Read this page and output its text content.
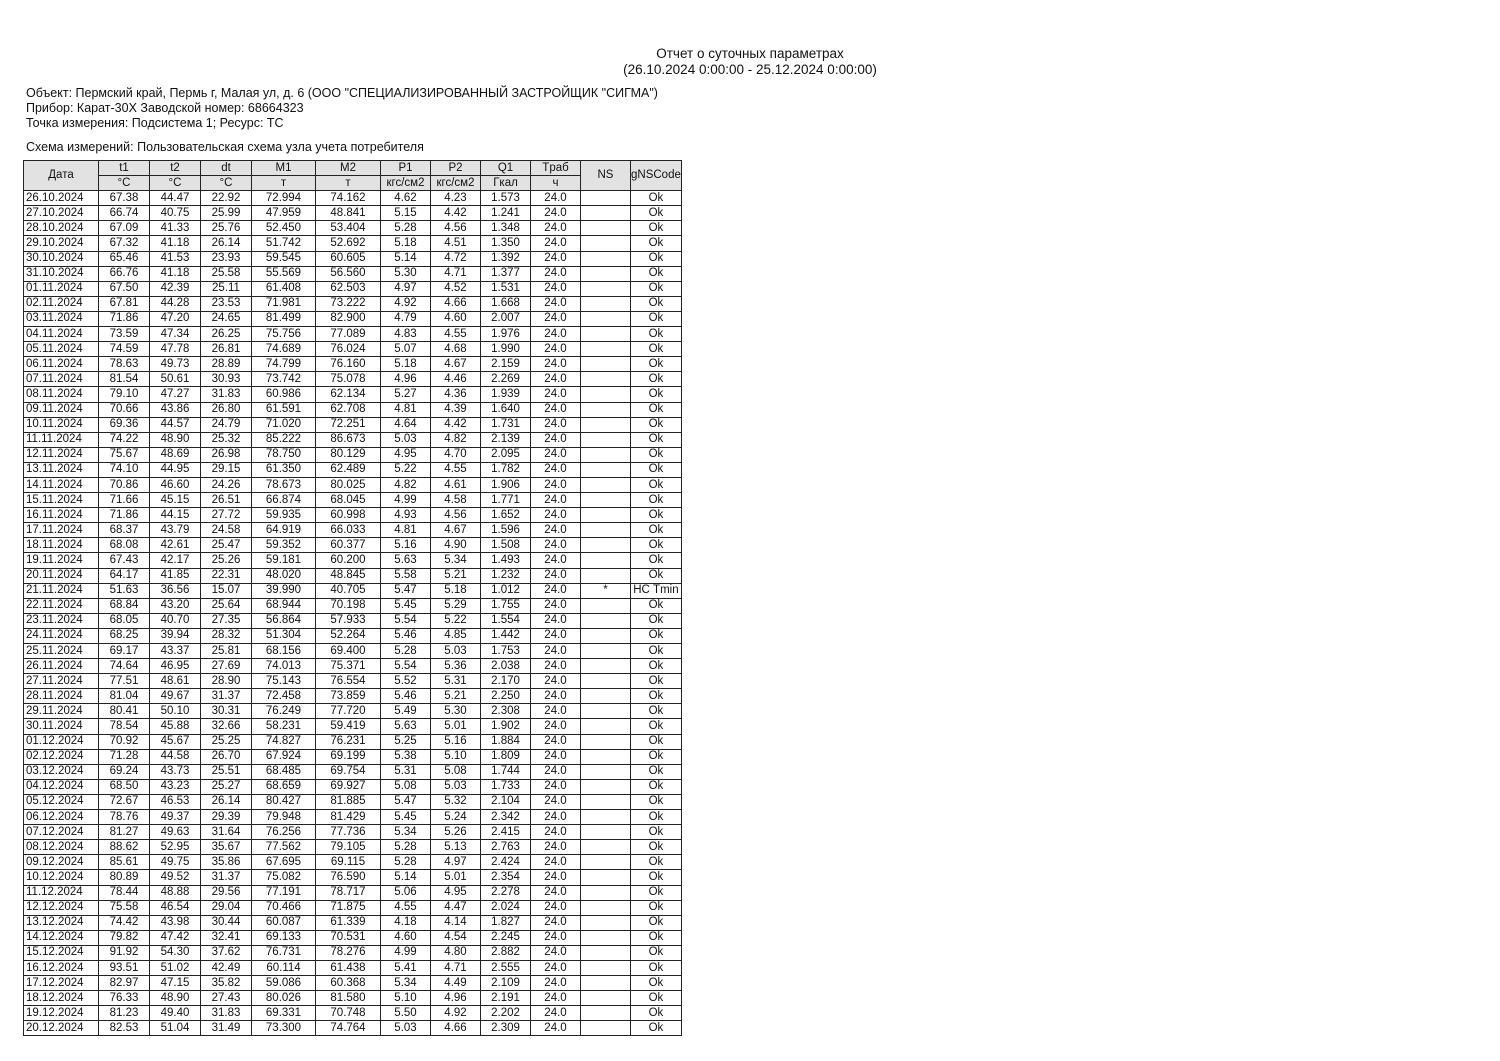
Отчет о суточных параметрах
(26.10.2024 0:00:00 - 25.12.2024 0:00:00)
Объект: Пермский край, Пермь г, Малая ул, д. 6 (ООО "СПЕЦИАЛИЗИРОВАННЫЙ ЗАСТРОЙЩИК "СИГМА")
Прибор: Карат-30Х Заводской номер: 68664323
Точка измерения: Подсистема 1; Ресурс: ТС
Схема измерений: Пользовательская схема узла учета потребителя
Дата	t1	t2	dt	M1	M2	P1	P2	Q1	Tраб	NS	gNSCode
	°C	°C	°C	т	т	кгс/см2	кгс/см2	Гкал	ч		
26.10.2024	67.38	44.47	22.92	72.994	74.162	4.62	4.23	1.573	24.0		Ok
27.10.2024	66.74	40.75	25.99	47.959	48.841	5.15	4.42	1.241	24.0		Ok
28.10.2024	67.09	41.33	25.76	52.450	53.404	5.28	4.56	1.348	24.0		Ok
29.10.2024	67.32	41.18	26.14	51.742	52.692	5.18	4.51	1.350	24.0		Ok
30.10.2024	65.46	41.53	23.93	59.545	60.605	5.14	4.72	1.392	24.0		Ok
31.10.2024	66.76	41.18	25.58	55.569	56.560	5.30	4.71	1.377	24.0		Ok
01.11.2024	67.50	42.39	25.11	61.408	62.503	4.97	4.52	1.531	24.0		Ok
02.11.2024	67.81	44.28	23.53	71.981	73.222	4.92	4.66	1.668	24.0		Ok
03.11.2024	71.86	47.20	24.65	81.499	82.900	4.79	4.60	2.007	24.0		Ok
04.11.2024	73.59	47.34	26.25	75.756	77.089	4.83	4.55	1.976	24.0		Ok
05.11.2024	74.59	47.78	26.81	74.689	76.024	5.07	4.68	1.990	24.0		Ok
06.11.2024	78.63	49.73	28.89	74.799	76.160	5.18	4.67	2.159	24.0		Ok
07.11.2024	81.54	50.61	30.93	73.742	75.078	4.96	4.46	2.269	24.0		Ok
08.11.2024	79.10	47.27	31.83	60.986	62.134	5.27	4.36	1.939	24.0		Ok
09.11.2024	70.66	43.86	26.80	61.591	62.708	4.81	4.39	1.640	24.0		Ok
10.11.2024	69.36	44.57	24.79	71.020	72.251	4.64	4.42	1.731	24.0		Ok
11.11.2024	74.22	48.90	25.32	85.222	86.673	5.03	4.82	2.139	24.0		Ok
12.11.2024	75.67	48.69	26.98	78.750	80.129	4.95	4.70	2.095	24.0		Ok
13.11.2024	74.10	44.95	29.15	61.350	62.489	5.22	4.55	1.782	24.0		Ok
14.11.2024	70.86	46.60	24.26	78.673	80.025	4.82	4.61	1.906	24.0		Ok
15.11.2024	71.66	45.15	26.51	66.874	68.045	4.99	4.58	1.771	24.0		Ok
16.11.2024	71.86	44.15	27.72	59.935	60.998	4.93	4.56	1.652	24.0		Ok
17.11.2024	68.37	43.79	24.58	64.919	66.033	4.81	4.67	1.596	24.0		Ok
18.11.2024	68.08	42.61	25.47	59.352	60.377	5.16	4.90	1.508	24.0		Ok
19.11.2024	67.43	42.17	25.26	59.181	60.200	5.63	5.34	1.493	24.0		Ok
20.11.2024	64.17	41.85	22.31	48.020	48.845	5.58	5.21	1.232	24.0		Ok
21.11.2024	51.63	36.56	15.07	39.990	40.705	5.47	5.18	1.012	24.0	*	НС Tmin
22.11.2024	68.84	43.20	25.64	68.944	70.198	5.45	5.29	1.755	24.0		Ok
23.11.2024	68.05	40.70	27.35	56.864	57.933	5.54	5.22	1.554	24.0		Ok
24.11.2024	68.25	39.94	28.32	51.304	52.264	5.46	4.85	1.442	24.0		Ok
25.11.2024	69.17	43.37	25.81	68.156	69.400	5.28	5.03	1.753	24.0		Ok
26.11.2024	74.64	46.95	27.69	74.013	75.371	5.54	5.36	2.038	24.0		Ok
27.11.2024	77.51	48.61	28.90	75.143	76.554	5.52	5.31	2.170	24.0		Ok
28.11.2024	81.04	49.67	31.37	72.458	73.859	5.46	5.21	2.250	24.0		Ok
29.11.2024	80.41	50.10	30.31	76.249	77.720	5.49	5.30	2.308	24.0		Ok
30.11.2024	78.54	45.88	32.66	58.231	59.419	5.63	5.01	1.902	24.0		Ok
01.12.2024	70.92	45.67	25.25	74.827	76.231	5.25	5.16	1.884	24.0		Ok
02.12.2024	71.28	44.58	26.70	67.924	69.199	5.38	5.10	1.809	24.0		Ok
03.12.2024	69.24	43.73	25.51	68.485	69.754	5.31	5.08	1.744	24.0		Ok
04.12.2024	68.50	43.23	25.27	68.659	69.927	5.08	5.03	1.733	24.0		Ok
05.12.2024	72.67	46.53	26.14	80.427	81.885	5.47	5.32	2.104	24.0		Ok
06.12.2024	78.76	49.37	29.39	79.948	81.429	5.45	5.24	2.342	24.0		Ok
07.12.2024	81.27	49.63	31.64	76.256	77.736	5.34	5.26	2.415	24.0		Ok
08.12.2024	88.62	52.95	35.67	77.562	79.105	5.28	5.13	2.763	24.0		Ok
09.12.2024	85.61	49.75	35.86	67.695	69.115	5.28	4.97	2.424	24.0		Ok
10.12.2024	80.89	49.52	31.37	75.082	76.590	5.14	5.01	2.354	24.0		Ok
11.12.2024	78.44	48.88	29.56	77.191	78.717	5.06	4.95	2.278	24.0		Ok
12.12.2024	75.58	46.54	29.04	70.466	71.875	4.55	4.47	2.024	24.0		Ok
13.12.2024	74.42	43.98	30.44	60.087	61.339	4.18	4.14	1.827	24.0		Ok
14.12.2024	79.82	47.42	32.41	69.133	70.531	4.60	4.54	2.245	24.0		Ok
15.12.2024	91.92	54.30	37.62	76.731	78.276	4.99	4.80	2.882	24.0		Ok
16.12.2024	93.51	51.02	42.49	60.114	61.438	5.41	4.71	2.555	24.0		Ok
17.12.2024	82.97	47.15	35.82	59.086	60.368	5.34	4.49	2.109	24.0		Ok
18.12.2024	76.33	48.90	27.43	80.026	81.580	5.10	4.96	2.191	24.0		Ok
19.12.2024	81.23	49.40	31.83	69.331	70.748	5.50	4.92	2.202	24.0		Ok
20.12.2024	82.53	51.04	31.49	73.300	74.764	5.03	4.66	2.309	24.0		Ok
